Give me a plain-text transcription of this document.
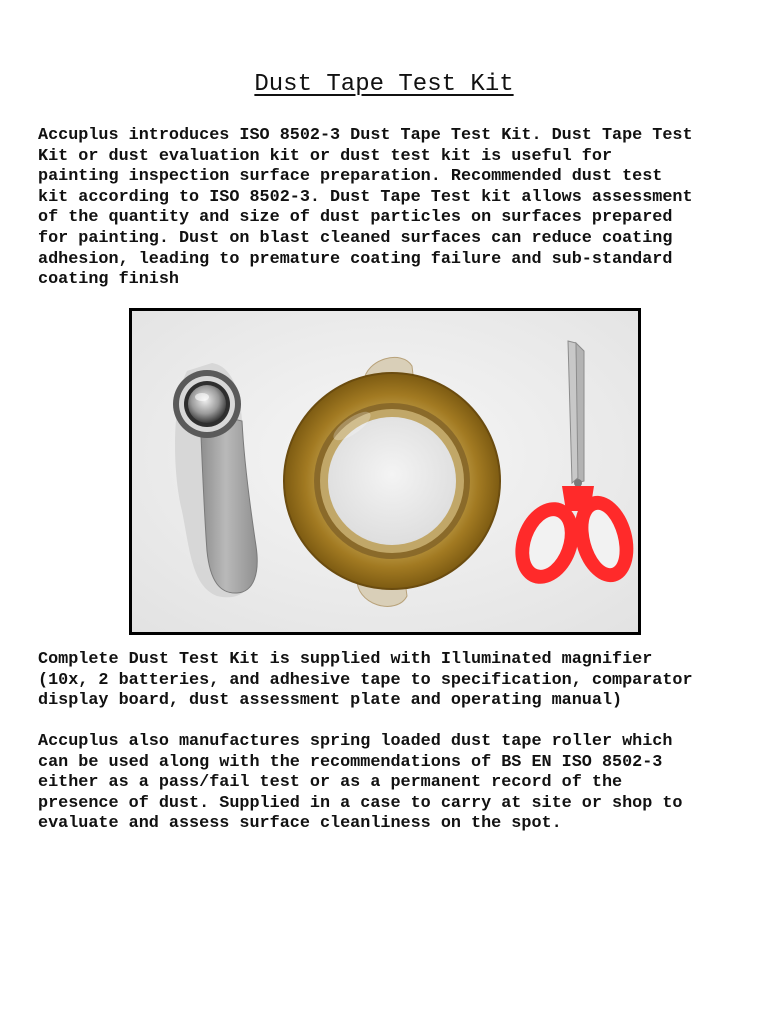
Dust Tape Test Kit

Accuplus introduces ISO 8502-3 Dust Tape Test Kit. Dust Tape Test
Kit or dust evaluation kit or dust test kit is useful for
painting inspection surface preparation. Recommended dust test
kit according to ISO 8502-3. Dust Tape Test kit allows assessment
of the quantity and size of dust particles on surfaces prepared
for painting. Dust on blast cleaned surfaces can reduce coating
adhesion, leading to premature coating failure and sub-standard
coating finish

Complete Dust Test Kit is supplied with Illuminated magnifier
(10x, 2 batteries, and adhesive tape to specification, comparator
display board, dust assessment plate and operating manual)

Accuplus also manufactures spring loaded dust tape roller which
can be used along with the recommendations of BS EN ISO 8502-3
either as a pass/fail test or as a permanent record of the
presence of dust. Supplied in a case to carry at site or shop to
evaluate and assess surface cleanliness on the spot.
